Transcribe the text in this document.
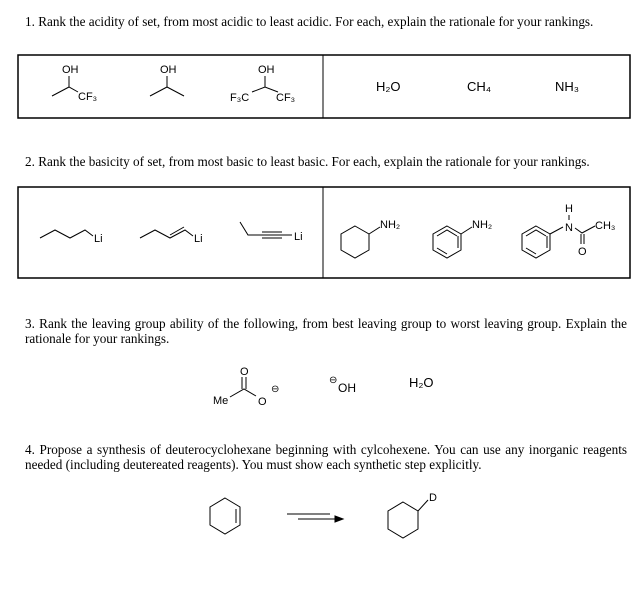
1. Rank the acidity of set, from most acidic to least acidic. For each, explain the rationale for your rankings.
2. Rank the basicity of set, from most basic to least basic. For each, explain the rationale for your rankings.
3. Rank the leaving group ability of the following, from best leaving group to worst leaving group. Explain the rationale for your rankings.
4. Propose a synthesis of deuterocyclohexane beginning with cylcohexene. You can use any inorganic reagents needed (including deutereated reagents). You must show each synthetic step explicitly.
OH
CF₃
OH	OH
F₃C CF₃
H₂O	CH₄	NH₃
Li	Li	Li
NH₂	NH₂
H
N CH₃
O
Me
O
O
⊖
⊖
OH	H₂O
D
